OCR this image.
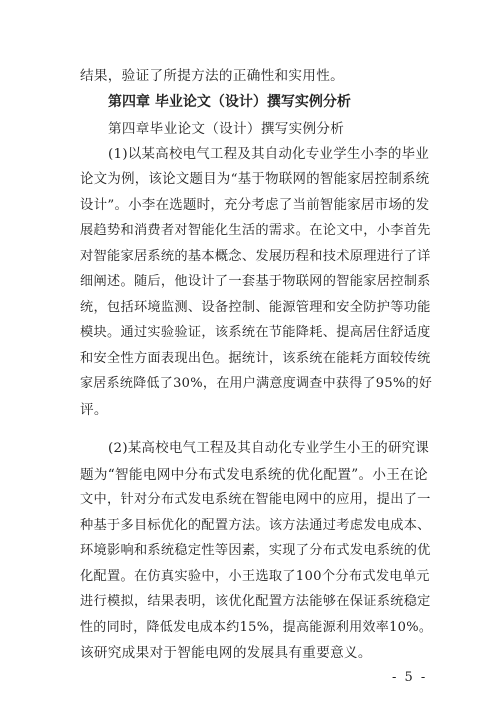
结果，验证了所提方法的正确性和实用性。
第四章 毕业论文（设计）撰写实例分析
第四章毕业论文（设计）撰写实例分析
(1)以某高校电气工程及其自动化专业学生小李的毕业
论文为例，该论文题目为“基于物联网的智能家居控制系统
设计”。小李在选题时，充分考虑了当前智能家居市场的发
展趋势和消费者对智能化生活的需求。在论文中，小李首先
对智能家居系统的基本概念、发展历程和技术原理进行了详
细阐述。随后，他设计了一套基于物联网的智能家居控制系
统，包括环境监测、设备控制、能源管理和安全防护等功能
模块。通过实验验证，该系统在节能降耗、提高居住舒适度
和安全性方面表现出色。据统计，该系统在能耗方面较传统
家居系统降低了30%，在用户满意度调查中获得了95%的好
评。
(2)某高校电气工程及其自动化专业学生小王的研究课
题为“智能电网中分布式发电系统的优化配置”。小王在论
文中，针对分布式发电系统在智能电网中的应用，提出了一
种基于多目标优化的配置方法。该方法通过考虑发电成本、
环境影响和系统稳定性等因素，实现了分布式发电系统的优
化配置。在仿真实验中，小王选取了100个分布式发电单元
进行模拟，结果表明，该优化配置方法能够在保证系统稳定
性的同时，降低发电成本约15%，提高能源利用效率10%。
该研究成果对于智能电网的发展具有重要意义。
- 5 -
